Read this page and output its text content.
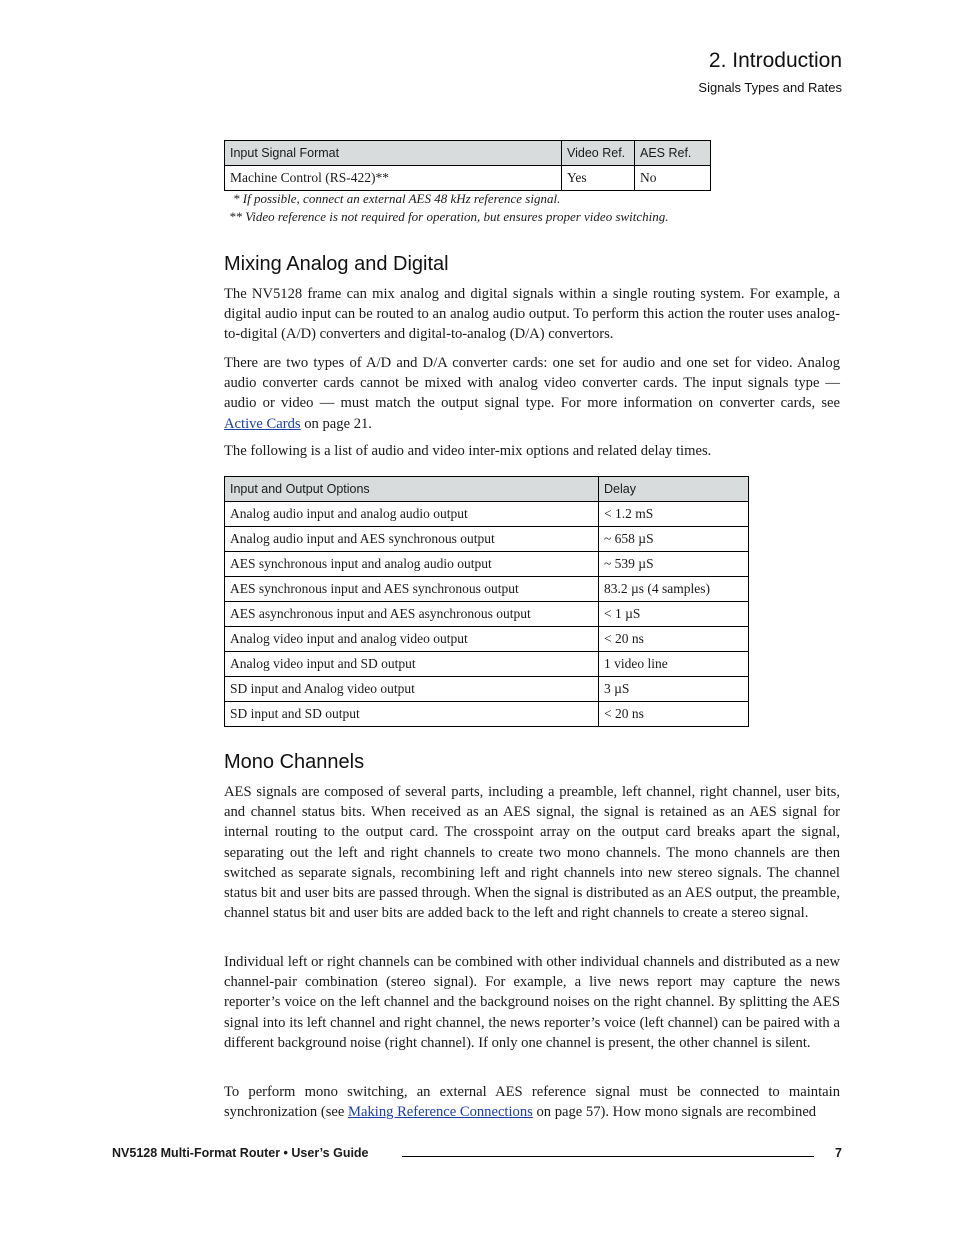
2. Introduction
Signals Types and Rates
Input Signal Format	Video Ref.	AES Ref.
Machine Control (RS-422)**	Yes	No
* If possible, connect an external AES 48 kHz reference signal.
** Video reference is not required for operation, but ensures proper video switching.
Mixing Analog and Digital

The NV5128 frame can mix analog and digital signals within a single routing system. For example, a digital audio input can be routed to an analog audio output. To perform this action the router uses analog-to-digital (A/D) converters and digital-to-analog (D/A) convertors.

There are two types of A/D and D/A converter cards: one set for audio and one set for video. Analog audio converter cards cannot be mixed with analog video converter cards. The input signals type — audio or video — must match the output signal type. For more information on converter cards, see Active Cards on page 21.

The following is a list of audio and video inter-mix options and related delay times.

Input and Output Options	Delay
Analog audio input and analog audio output	< 1.2 mS
Analog audio input and AES synchronous output	~ 658 µS
AES synchronous input and analog audio output	~ 539 µS
AES synchronous input and AES synchronous output	83.2 µs (4 samples)
AES asynchronous input and AES asynchronous output	< 1 µS
Analog video input and analog video output	< 20 ns
Analog video input and SD output	1 video line
SD input and Analog video output	3 µS
SD input and SD output	< 20 ns
Mono Channels

AES signals are composed of several parts, including a preamble, left channel, right channel, user bits, and channel status bits. When received as an AES signal, the signal is retained as an AES signal for internal routing to the output card. The crosspoint array on the output card breaks apart the signal, separating out the left and right channels to create two mono channels. The mono channels are then switched as separate signals, recombining left and right channels into new stereo signals. The channel status bit and user bits are passed through. When the signal is distributed as an AES output, the preamble, channel status bit and user bits are added back to the left and right channels to create a stereo signal.

Individual left or right channels can be combined with other individual channels and distributed as a new channel-pair combination (stereo signal). For example, a live news report may capture the news reporter’s voice on the left channel and the background noises on the right channel. By splitting the AES signal into its left channel and right channel, the news reporter’s voice (left channel) can be paired with a different background noise (right channel). If only one channel is present, the other channel is silent.

To perform mono switching, an external AES reference signal must be connected to maintain synchronization (see Making Reference Connections on page 57). How mono signals are recombined

NV5128 Multi-Format Router • User’s Guide	7
